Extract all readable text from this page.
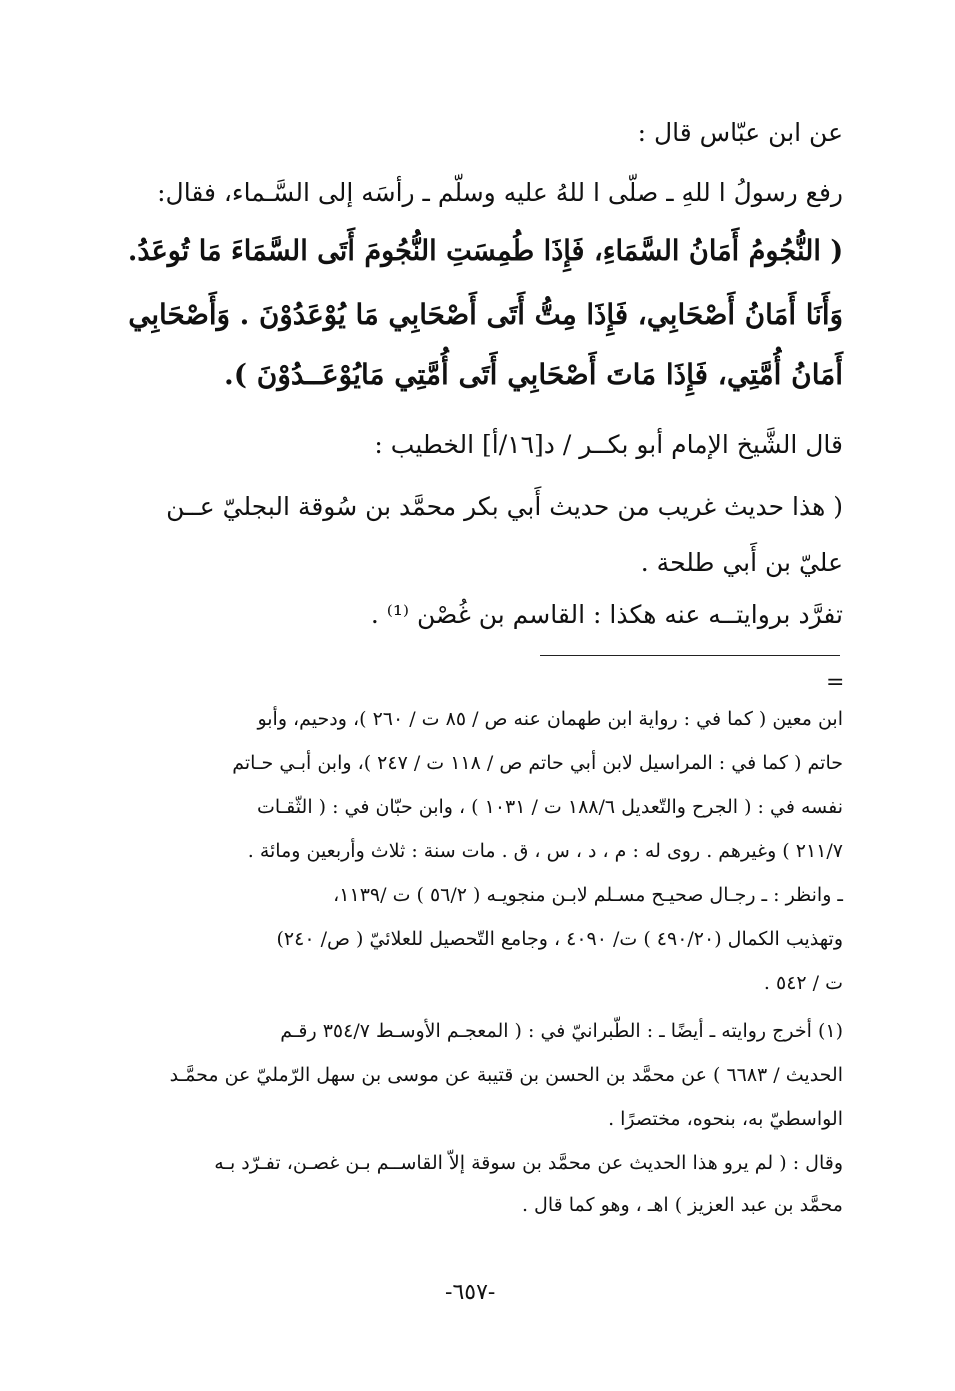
عن ابن عبّاس قال :
رفع رسولُ ا للهِ ـ صلّى ا للهُ عليه وسلّم ـ رأسَه إلى السَّـماء، فقال:
( النُّجُومُ أَمَانُ السَّمَاءِ، فَإِذَا طُمِسَتِ النُّجُومَ أَتَى السَّمَاءَ مَا تُوعَدُ.
وَأَنَا أَمَانُ أَصْحَابِي، فَإِذَا مِتُّ أَتَى أَصْحَابِي مَا يُوْعَدُوْنَ . وَأَصْحَابِي
أَمَانُ أُمَّتِي، فَإِذَا مَاتَ أَصْحَابِي أَتَى أُمَّتِي مَايُوْعَــدُوْنَ ).
قال الشَّيخ الإمام أبو بكــر / د[١٦/أ] الخطيب :
( هذا حديث غريب من حديث أَبي بكر محمَّد بن سُوقة البجليّ عــن
عليّ بن أَبي طلحة .
تفرَّد بروايتــه عنه هكذا : القاسم بن غُصْن ⁽¹⁾ .
=
ابن معين ( كما في : رواية ابن طهمان عنه ص / ٨٥ ت / ٢٦٠ )، ودحيم، وأبو
حاتم ( كما في : المراسيل لابن أبي حاتم ص / ١١٨ ت / ٢٤٧ )، وابن أبـي حـاتم
نفسه في : ( الجرح والتّعديل ١٨٨/٦ ت / ١٠٣١ ) ، وابن حبّان في : ( الثّقـات
٢١١/٧ ) وغيرهم . روى له : م ، د ، س ، ق . مات سنة : ثلاث وأربعين ومائة .
ـ وانظر : ـ رجـال صحيـح مسـلم لابـن منجويـه ( ٥٦/٢ ) ت /١١٣٩،
وتهذيب الكمال (٤٩٠/٢٠ ) ت/ ٤٠٩٠ ، وجامع التّحصيل للعلائيّ ( ص/ ٢٤٠)
ت / ٥٤٢ .
(١) أخرج روايته ـ أيضًا ـ : الطّبرانيّ في : ( المعجـم الأوسـط ٣٥٤/٧ رقـم
الحديث / ٦٦٨٣ ) عن محمَّد بن الحسن بن قتيبة عن موسى بن سهل الرّمليّ عن محمَّـد
الواسطيّ به، بنحوه، مختصرًا .
وقال : ( لم يرو هذا الحديث عن محمَّد بن سوقة إلاّ القاســم بـن غصـن، تفـرّد بـه
محمَّد بن عبد العزيز ) اهـ ، وهو كما قال .
-٦٥٧-
